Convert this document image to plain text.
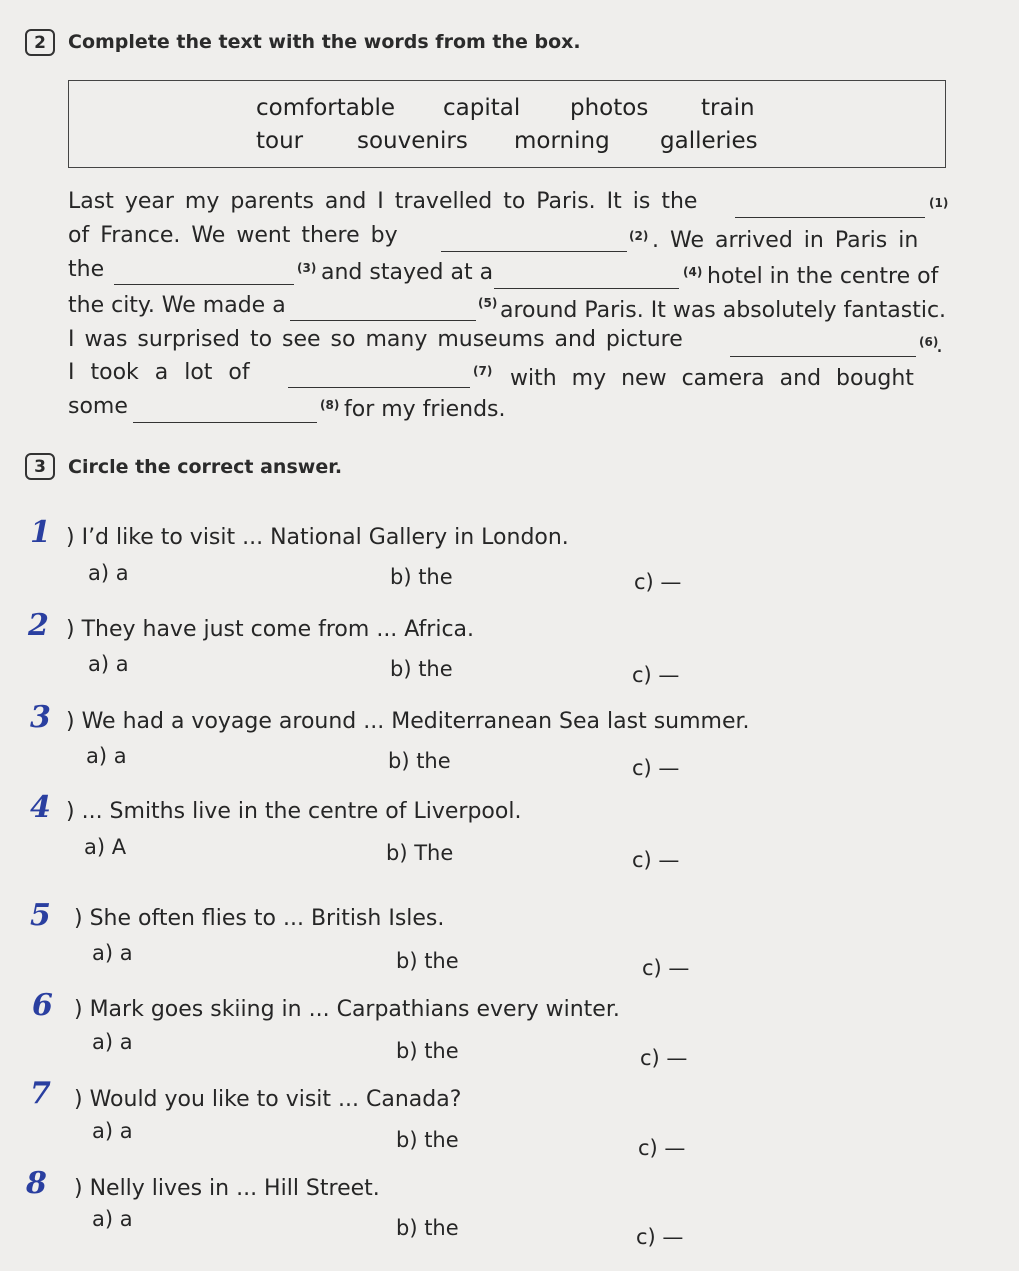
2	Complete the text with the words from the box.
comfortable capital photos train
tour souvenirs morning galleries
Last year my parents and I travelled to Paris. It is the	(1)
of France. We went there by	(2) . We arrived in Paris in
the	(3) and stayed at a	(4) hotel in the centre of
the city. We made a	(5) around Paris. It was absolutely fantastic.
I was surprised to see so many museums and picture	(6)
.
I took a lot of	(7) with my new camera and bought
some	(8) for my friends.
3	Circle the correct answer.
1 ) I’d like to visit ... National Gallery in London.
a) a	b) the	c) —
2 ) They have just come from ... Africa.
a) a	b) the	c) —
3 ) We had a voyage around ... Mediterranean Sea last summer.
a) a	b) the	c) —
4 ) ... Smiths live in the centre of Liverpool.
a) A	b) The	c) —
5 ) She often flies to ... British Isles.
a) a	b) the	c) —
6 ) Mark goes skiing in ... Carpathians every winter.
a) a	b) the	c) —
7 ) Would you like to visit ... Canada?
a) a	b) the	c) —
8 ) Nelly lives in ... Hill Street.
a) a	b) the	c) —
